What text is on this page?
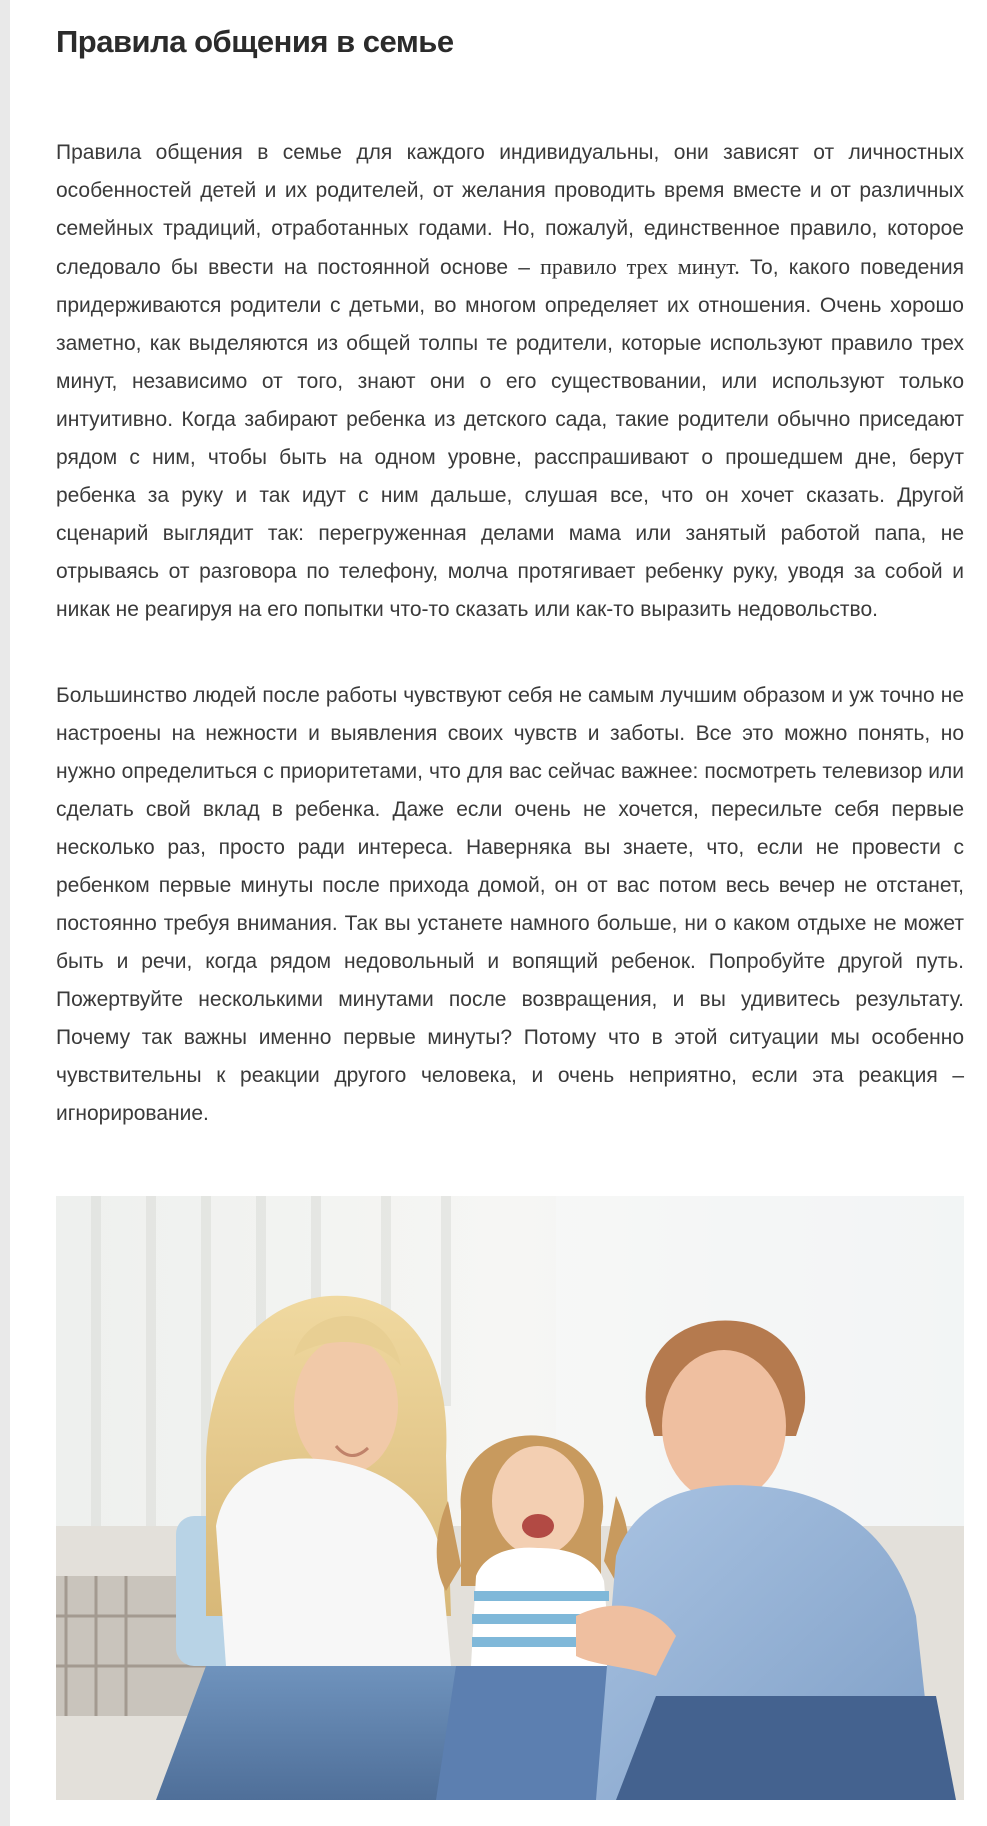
Правила общения в семье

Правила общения в семье для каждого индивидуальны, они зависят от личностных особенностей детей и их родителей, от желания проводить время вместе и от различных семейных традиций, отработанных годами. Но, пожалуй, единственное правило, которое следовало бы ввести на постоянной основе – правило трех минут. То, какого поведения придерживаются родители с детьми, во многом определяет их отношения. Очень хорошо заметно, как выделяются из общей толпы те родители, которые используют правило трех минут, независимо от того, знают они о его существовании, или используют только интуитивно. Когда забирают ребенка из детского сада, такие родители обычно приседают рядом с ним, чтобы быть на одном уровне, расспрашивают о прошедшем дне, берут ребенка за руку и так идут с ним дальше, слушая все, что он хочет сказать. Другой сценарий выглядит так: перегруженная делами мама или занятый работой папа, не отрываясь от разговора по телефону, молча протягивает ребенку руку, уводя за собой и никак не реагируя на его попытки что-то сказать или как-то выразить недовольство.

Большинство людей после работы чувствуют себя не самым лучшим образом и уж точно не настроены на нежности и выявления своих чувств и заботы. Все это можно понять, но нужно определиться с приоритетами, что для вас сейчас важнее: посмотреть телевизор или сделать свой вклад в ребенка. Даже если очень не хочется, пересильте себя первые несколько раз, просто ради интереса. Наверняка вы знаете, что, если не провести с ребенком первые минуты после прихода домой, он от вас потом весь вечер не отстанет, постоянно требуя внимания. Так вы устанете намного больше, ни о каком отдыхе не может быть и речи, когда рядом недовольный и вопящий ребенок. Попробуйте другой путь. Пожертвуйте несколькими минутами после возвращения, и вы удивитесь результату. Почему так важны именно первые минуты? Потому что в этой ситуации мы особенно чувствительны к реакции другого человека, и очень неприятно, если эта реакция – игнорирование.
